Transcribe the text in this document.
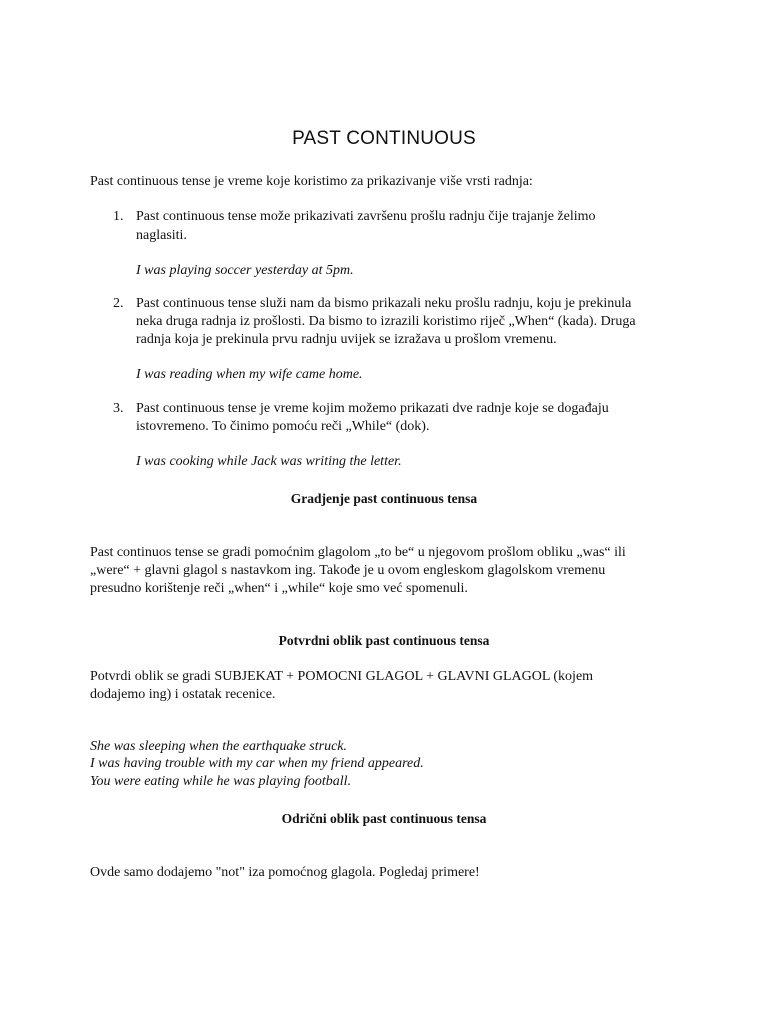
PAST CONTINUOUS
Past continuous tense je vreme koje koristimo za prikazivanje više vrsti radnja:
1. Past continuous tense može prikazivati završenu prošlu radnju čije trajanje želimo
naglasiti.
I was playing soccer yesterday at 5pm.
2. Past continuous tense služi nam da bismo prikazali neku prošlu radnju, koju je prekinula
neka druga radnja iz prošlosti. Da bismo to izrazili koristimo riječ „When“ (kada). Druga
radnja koja je prekinula prvu radnju uvijek se izražava u prošlom vremenu.
I was reading when my wife came home.
3. Past continuous tense je vreme kojim možemo prikazati dve radnje koje se događaju
istovremeno. To činimo pomoću reči „While“ (dok).
I was cooking while Jack was writing the letter.
Gradjenje past continuous tensa
Past continuos tense se gradi pomoćnim glagolom „to be“ u njegovom prošlom obliku „was“ ili
„were“ + glavni glagol s nastavkom ing. Takođe je u ovom engleskom glagolskom vremenu
presudno korištenje reči „when“ i „while“ koje smo već spomenuli.
Potvrdni oblik past continuous tensa
Potvrdi oblik se gradi SUBJEKAT + POMOCNI GLAGOL + GLAVNI GLAGOL (kojem
dodajemo ing) i ostatak recenice.
She was sleeping when the earthquake struck.
I was having trouble with my car when my friend appeared.
You were eating while he was playing football.
Odrični oblik past continuous tensa
Ovde samo dodajemo "not" iza pomoćnog glagola. Pogledaj primere!
